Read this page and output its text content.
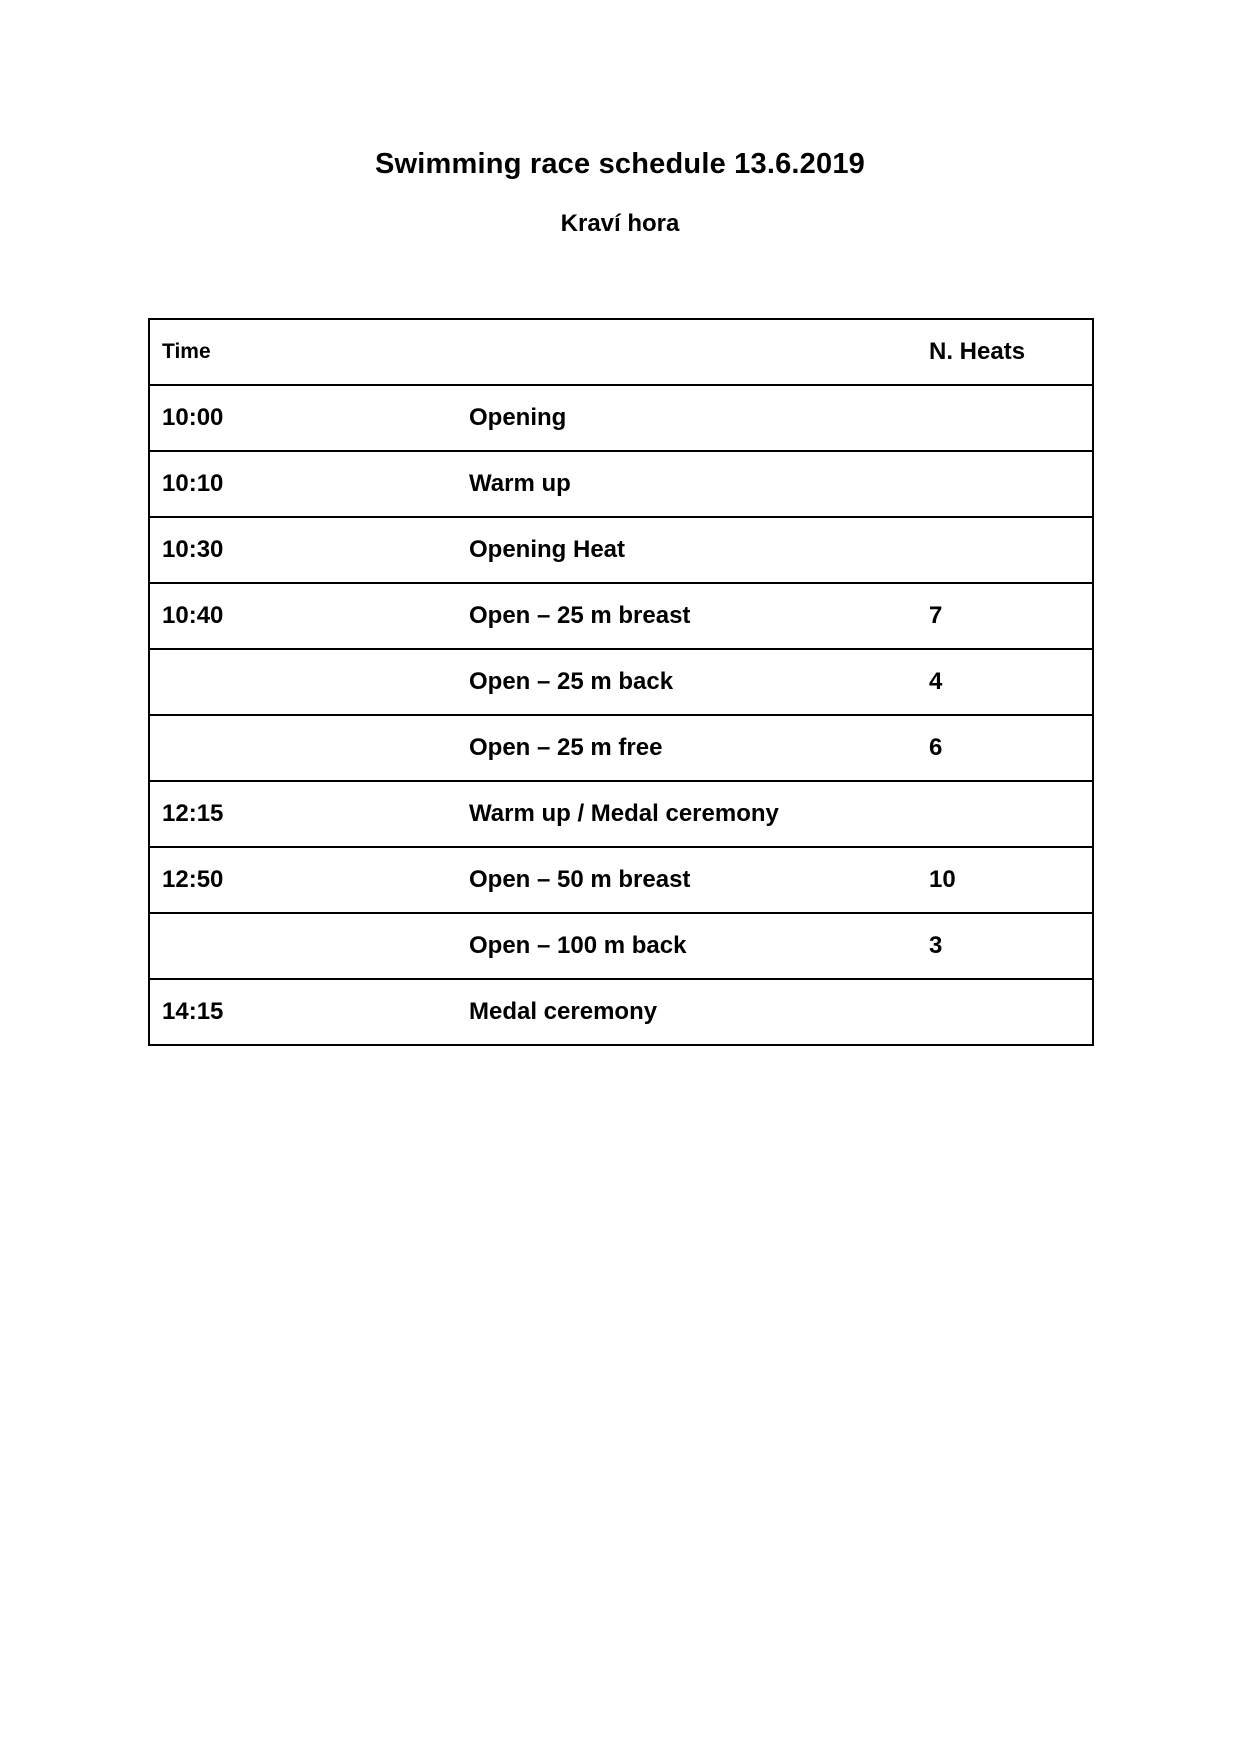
Swimming race schedule 13.6.2019
Kraví hora
Time		N. Heats
10:00	Opening	
10:10	Warm up	
10:30	Opening Heat	
10:40	Open – 25 m breast	7
	Open – 25 m back	4
	Open – 25 m free	6
12:15	Warm up / Medal ceremony	
12:50	Open – 50 m breast	10
	Open – 100 m back	3
14:15	Medal ceremony	
